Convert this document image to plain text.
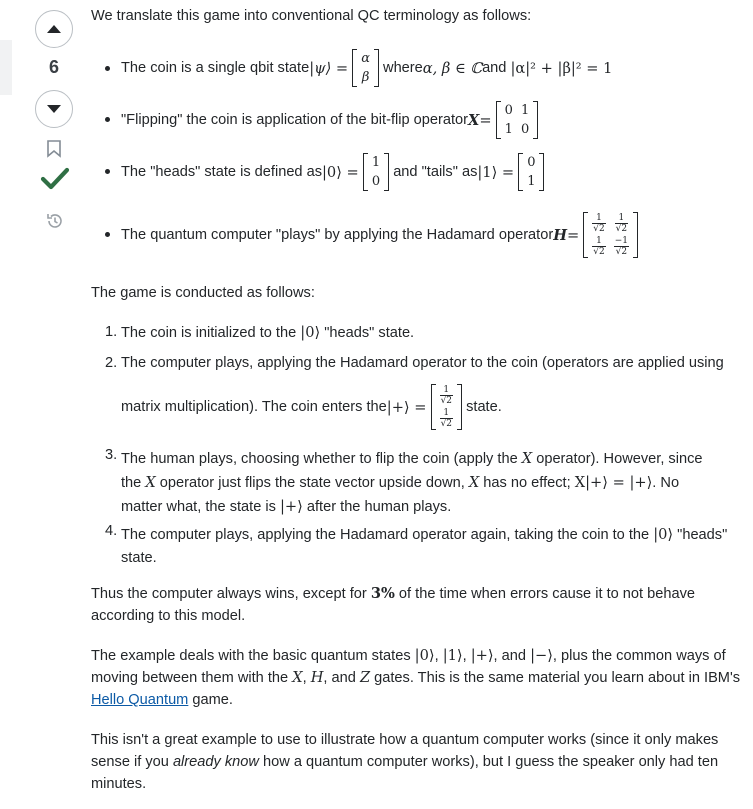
6
We translate this game into conventional QC terminology as follows:
The coin is a single qbit state |ψ⟩ =

α
β

where α, β ∈ ℂ and
|α|² + |β|² = 1
"Flipping" the coin is application of the bit-flip operator X =

0	1
1	0
The "heads" state is defined as |0⟩ =

1
0

and "tails" as |1⟩ =

0
1
The quantum computer "plays" by applying the Hadamard operator H =

$\frac{1}{√2}$	$\frac{1}{√2}$

$\frac{1}{√2}$	$\frac{-1}{√2}$
The game is conducted as follows:
1. The coin is initialized to the |0⟩ "heads" state.
2. The computer plays, applying the Hadamard operator to the coin (operators are applied using
matrix multiplication). The coin enters the |+⟩ =

$\frac{1}{√2}$

$\frac{1}{√2}$

state.
3. The human plays, choosing whether to flip the coin (apply the X operator). However, since the X operator just flips the state vector upside down, X has no effect; X|+⟩ = |+⟩. No matter what, the state is |+⟩ after the human plays.
4. The computer plays, applying the Hadamard operator again, taking the coin to the |0⟩ "heads" state.
Thus the computer always wins, except for 3% of the time when errors cause it to not behave according to this model.
The example deals with the basic quantum states |0⟩, |1⟩, |+⟩, and |−⟩, plus the common ways of moving between them with the X, H, and Z gates. This is the same material you learn about in IBM's Hello Quantum game.
This isn't a great example to use to illustrate how a quantum computer works (since it only makes sense if you already know how a quantum computer works), but I guess the speaker only had ten minutes.
